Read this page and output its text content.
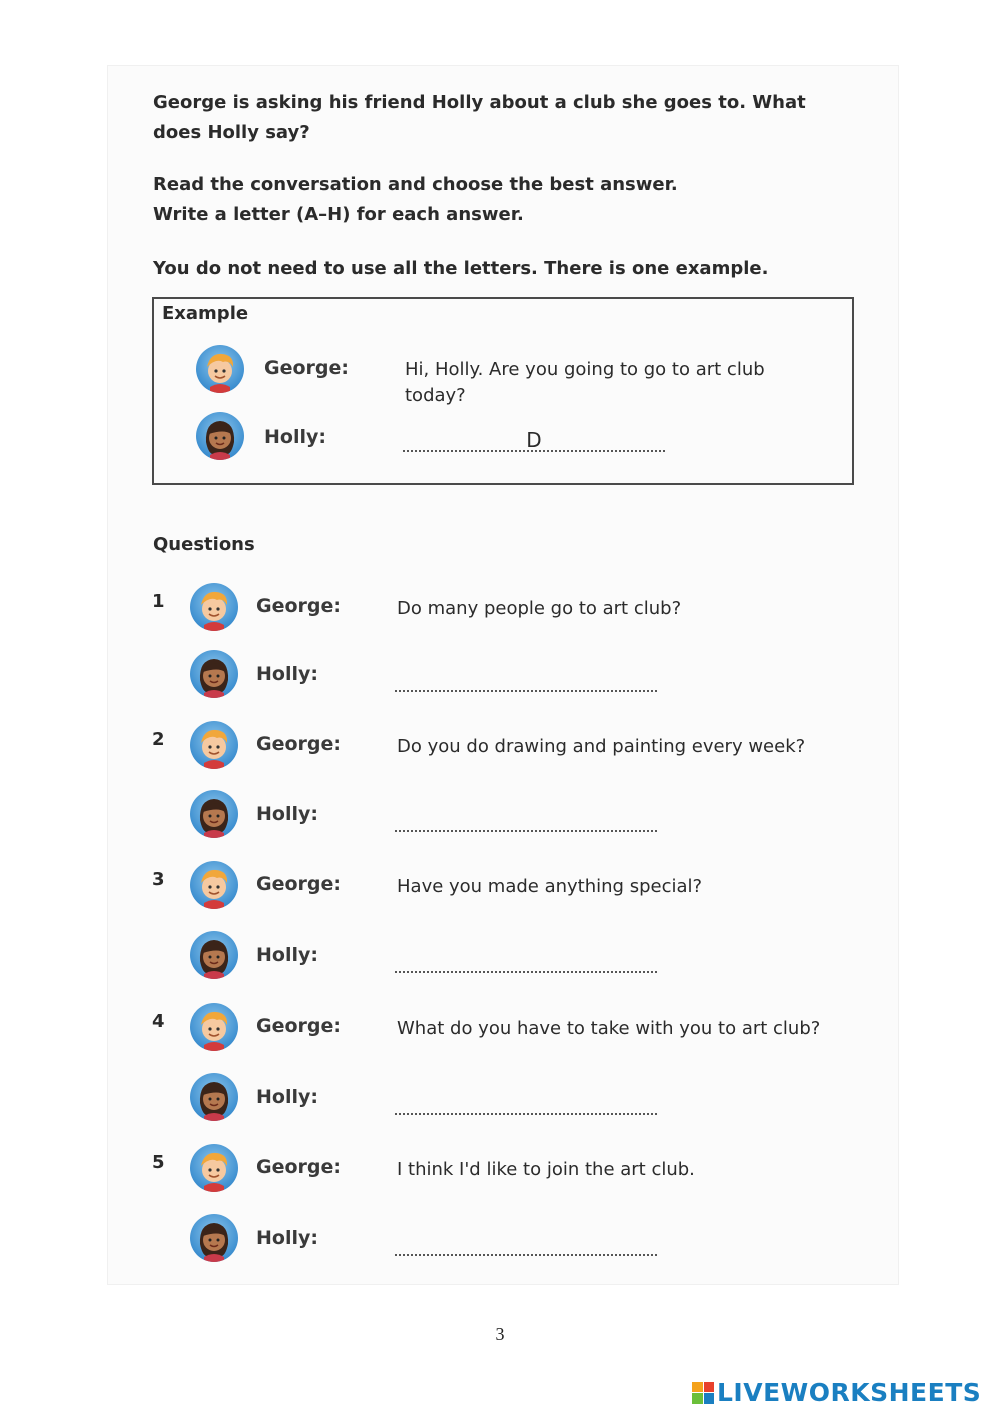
George is asking his friend Holly about a club she goes to. What does Holly say?

Read the conversation and choose the best answer.

Write a letter (A–H) for each answer.

You do not need to use all the letters. There is one example.

Example
George:	Hi, Holly. Are you going to go to art club today?
Holly:	D
Questions
1	George:	Do many people go to art club?
Holly:
2	George:	Do you do drawing and painting every week?
Holly:
3	George:	Have you made anything special?
Holly:
4	George:	What do you have to take with you to art club?
Holly:
5	George:	I think I'd like to join the art club.
Holly:
3
LIVEWORKSHEETS
